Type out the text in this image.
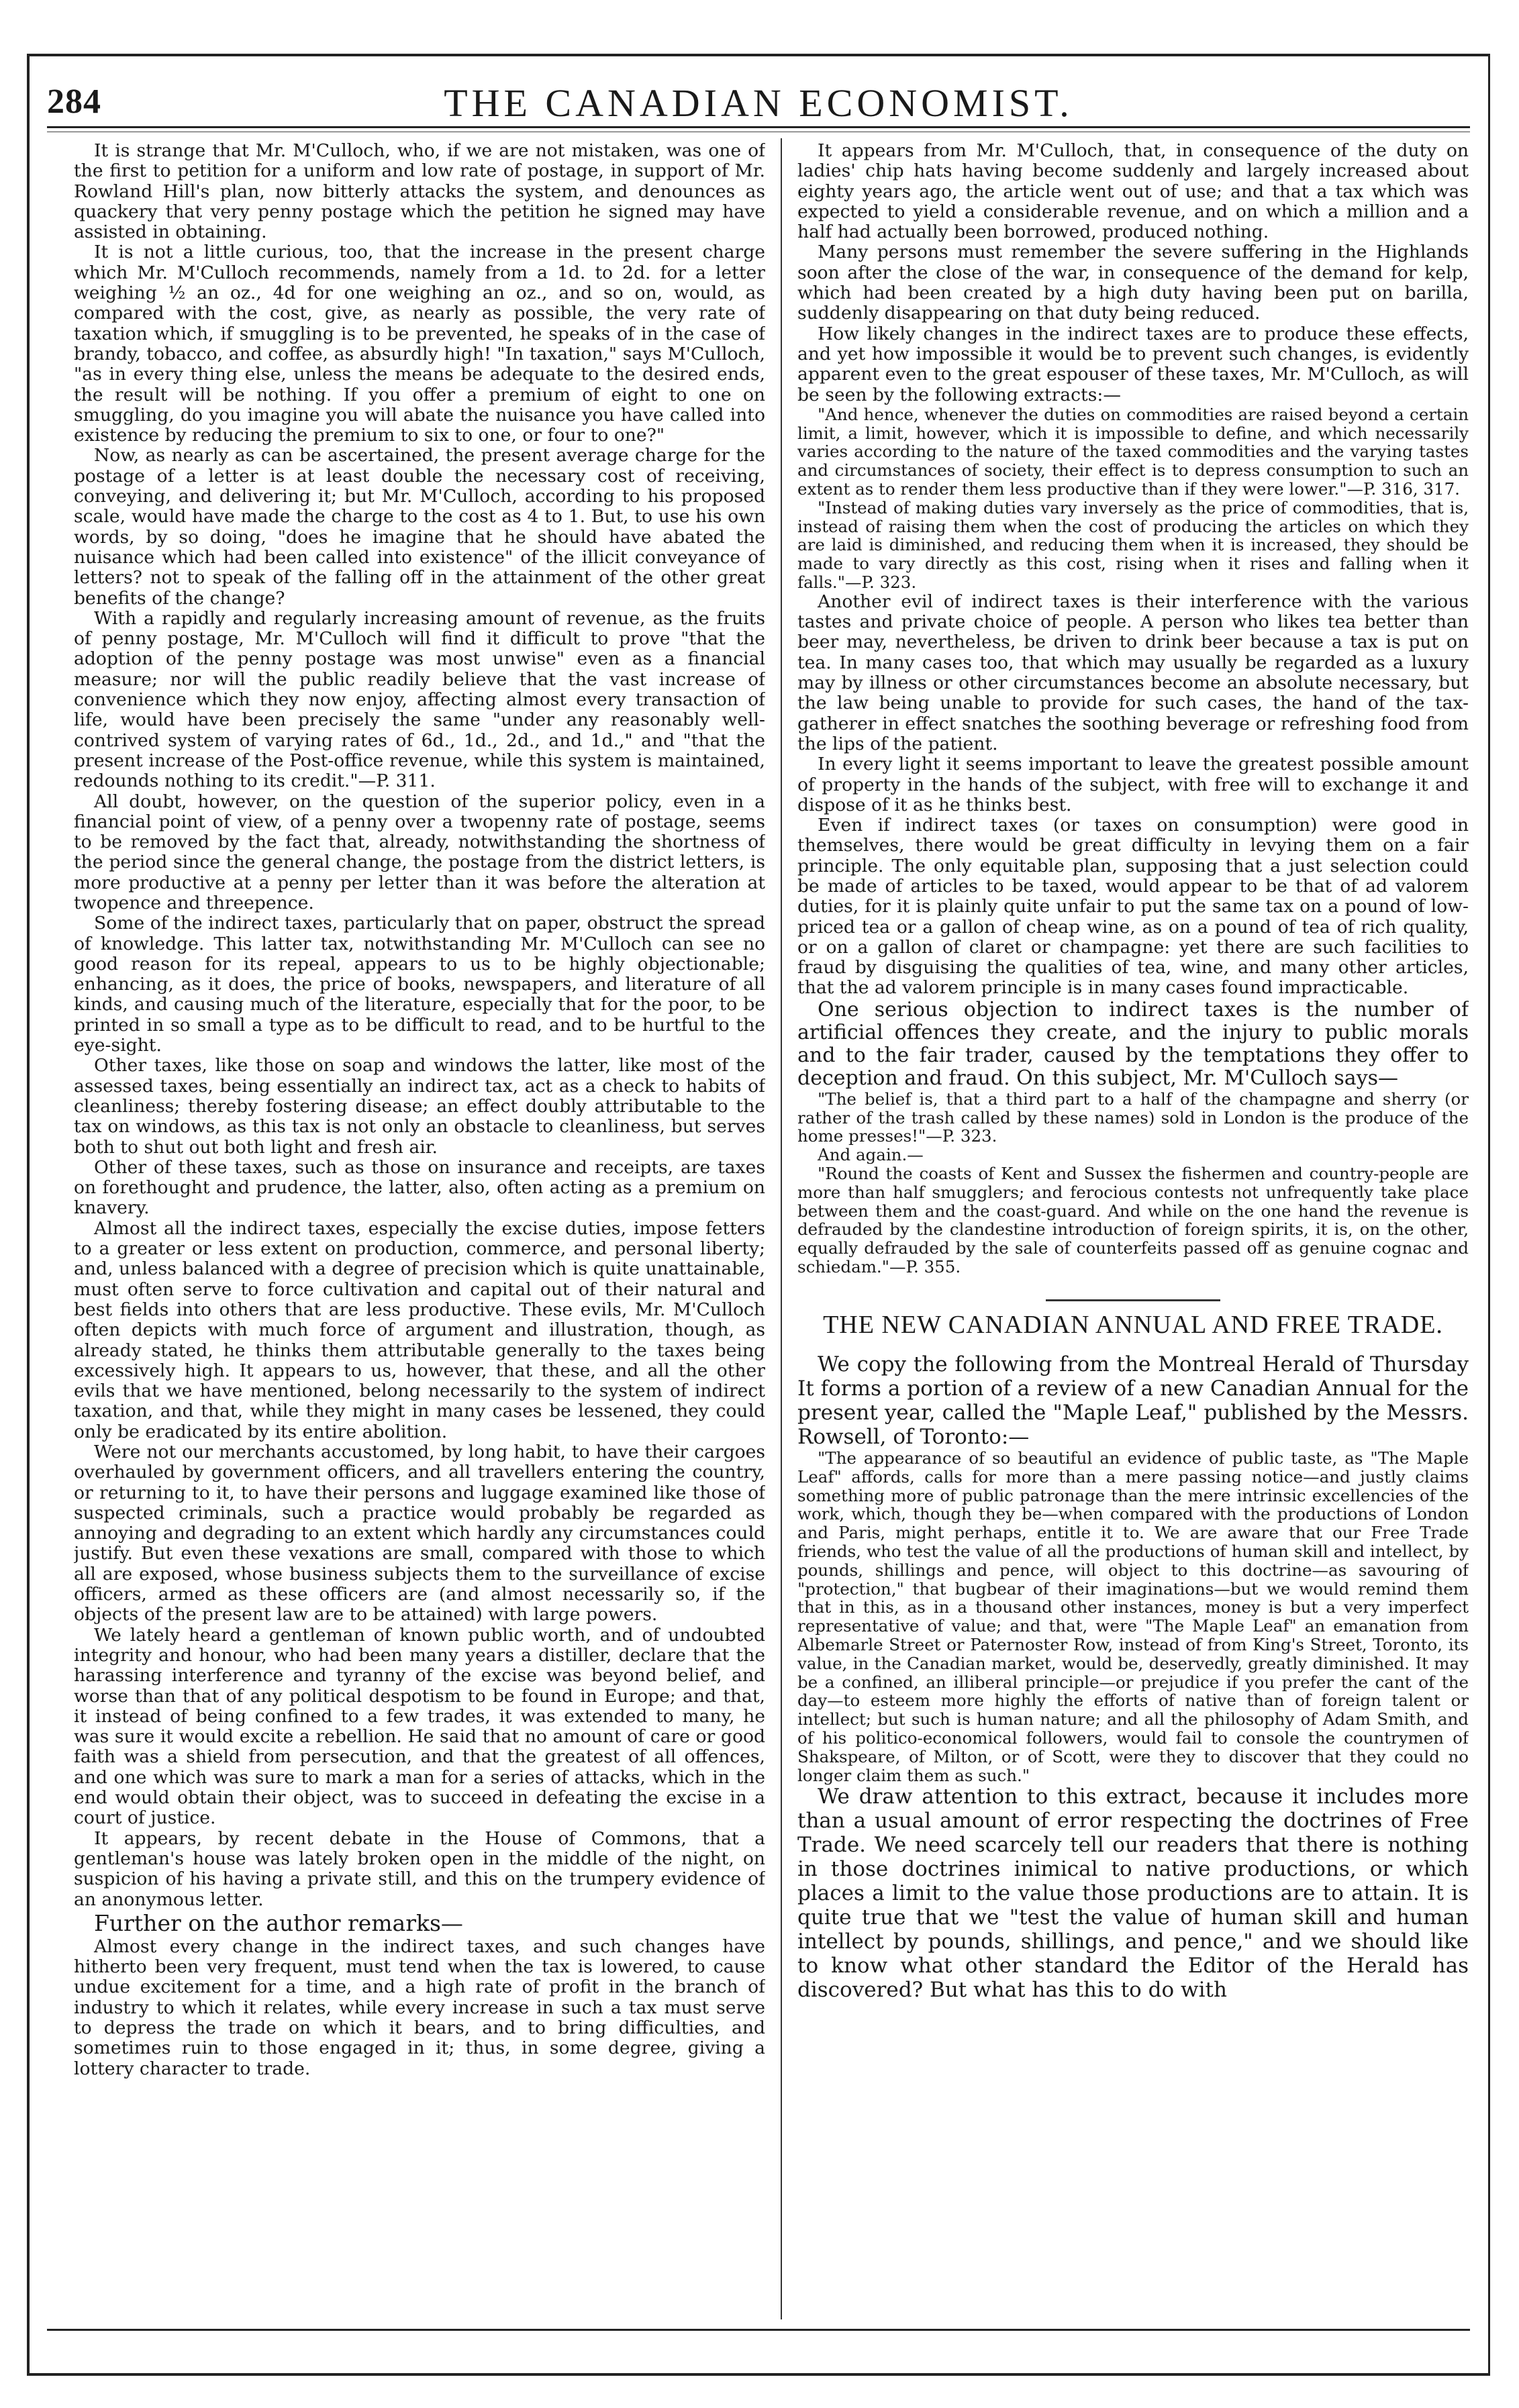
284	THE CANADIAN ECONOMIST.

It is strange that Mr. M'Culloch, who, if we are not mistaken, was one of the first to petition for a uniform and low rate of postage, in support of Mr. Rowland Hill's plan, now bitterly attacks the system, and denounces as quackery that very penny postage which the petition he signed may have assisted in obtaining.

It is not a little curious, too, that the increase in the present charge which Mr. M'Culloch recommends, namely from a 1d. to 2d. for a letter weighing ½ an oz., 4d for one weighing an oz., and so on, would, as compared with the cost, give, as nearly as possible, the very rate of taxation which, if smuggling is to be prevented, he speaks of in the case of brandy, tobacco, and coffee, as absurdly high! "In taxation," says M'Culloch, "as in every thing else, unless the means be adequate to the desired ends, the result will be nothing. If you offer a premium of eight to one on smuggling, do you imagine you will abate the nuisance you have called into existence by reducing the premium to six to one, or four to one?"

Now, as nearly as can be ascertained, the present average charge for the postage of a letter is at least double the necessary cost of receiving, conveying, and delivering it; but Mr. M'Culloch, according to his proposed scale, would have made the charge to the cost as 4 to 1. But, to use his own words, by so doing, "does he imagine that he should have abated the nuisance which had been called into existence" of the illicit conveyance of letters? not to speak of the falling off in the attainment of the other great benefits of the change?

With a rapidly and regularly increasing amount of revenue, as the fruits of penny postage, Mr. M'Culloch will find it difficult to prove "that the adoption of the penny postage was most unwise" even as a financial measure; nor will the public readily believe that the vast increase of convenience which they now enjoy, affecting almost every transaction of life, would have been precisely the same "under any reasonably well-contrived system of varying rates of 6d., 1d., 2d., and 1d.," and "that the present increase of the Post-office revenue, while this system is maintained, redounds nothing to its credit."—P. 311.

All doubt, however, on the question of the superior policy, even in a financial point of view, of a penny over a twopenny rate of postage, seems to be removed by the fact that, already, notwithstanding the shortness of the period since the general change, the postage from the district letters, is more productive at a penny per letter than it was before the alteration at twopence and threepence.

Some of the indirect taxes, particularly that on paper, obstruct the spread of knowledge. This latter tax, notwithstanding Mr. M'Culloch can see no good reason for its repeal, appears to us to be highly objectionable; enhancing, as it does, the price of books, newspapers, and literature of all kinds, and causing much of the literature, especially that for the poor, to be printed in so small a type as to be difficult to read, and to be hurtful to the eye-sight.

Other taxes, like those on soap and windows the latter, like most of the assessed taxes, being essentially an indirect tax, act as a check to habits of cleanliness; thereby fostering disease; an effect doubly attributable to the tax on windows, as this tax is not only an obstacle to cleanliness, but serves both to shut out both light and fresh air.

Other of these taxes, such as those on insurance and receipts, are taxes on forethought and prudence, the latter, also, often acting as a premium on knavery.

Almost all the indirect taxes, especially the excise duties, impose fetters to a greater or less extent on production, commerce, and personal liberty; and, unless balanced with a degree of precision which is quite unattainable, must often serve to force cultivation and capital out of their natural and best fields into others that are less productive. These evils, Mr. M'Culloch often depicts with much force of argument and illustration, though, as already stated, he thinks them attributable generally to the taxes being excessively high. It appears to us, however, that these, and all the other evils that we have mentioned, belong necessarily to the system of indirect taxation, and that, while they might in many cases be lessened, they could only be eradicated by its entire abolition.

Were not our merchants accustomed, by long habit, to have their cargoes overhauled by government officers, and all travellers entering the country, or returning to it, to have their persons and luggage examined like those of suspected criminals, such a practice would probably be regarded as annoying and degrading to an extent which hardly any circumstances could justify. But even these vexations are small, compared with those to which all are exposed, whose business subjects them to the surveillance of excise officers, armed as these officers are (and almost necessarily so, if the objects of the present law are to be attained) with large powers.

We lately heard a gentleman of known public worth, and of undoubted integrity and honour, who had been many years a distiller, declare that the harassing interference and tyranny of the excise was beyond belief, and worse than that of any political despotism to be found in Europe; and that, it instead of being confined to a few trades, it was extended to many, he was sure it would excite a rebellion. He said that no amount of care or good faith was a shield from persecution, and that the greatest of all offences, and one which was sure to mark a man for a series of attacks, which in the end would obtain their object, was to succeed in defeating the excise in a court of justice.

It appears, by recent debate in the House of Commons, that a gentleman's house was lately broken open in the middle of the night, on suspicion of his having a private still, and this on the trumpery evidence of an anonymous letter.

Further on the author remarks—

Almost every change in the indirect taxes, and such changes have hitherto been very frequent, must tend when the tax is lowered, to cause undue excitement for a time, and a high rate of profit in the branch of industry to which it relates, while every increase in such a tax must serve to depress the trade on which it bears, and to bring difficulties, and sometimes ruin to those engaged in it; thus, in some degree, giving a lottery character to trade.

It appears from Mr. M'Culloch, that, in consequence of the duty on ladies' chip hats having become suddenly and largely increased about eighty years ago, the article went out of use; and that a tax which was expected to yield a considerable revenue, and on which a million and a half had actually been borrowed, produced nothing.

Many persons must remember the severe suffering in the Highlands soon after the close of the war, in consequence of the demand for kelp, which had been created by a high duty having been put on barilla, suddenly disappearing on that duty being reduced.

How likely changes in the indirect taxes are to produce these effects, and yet how impossible it would be to prevent such changes, is evidently apparent even to the great espouser of these taxes, Mr. M'Culloch, as will be seen by the following extracts:—

"And hence, whenever the duties on commodities are raised beyond a certain limit, a limit, however, which it is impossible to define, and which necessarily varies according to the nature of the taxed commodities and the varying tastes and circumstances of society, their effect is to depress consumption to such an extent as to render them less productive than if they were lower."—P. 316, 317.

"Instead of making duties vary inversely as the price of commodities, that is, instead of raising them when the cost of producing the articles on which they are laid is diminished, and reducing them when it is increased, they should be made to vary directly as this cost, rising when it rises and falling when it falls."—P. 323.

Another evil of indirect taxes is their interference with the various tastes and private choice of people. A person who likes tea better than beer may, nevertheless, be driven to drink beer because a tax is put on tea. In many cases too, that which may usually be regarded as a luxury may by illness or other circumstances become an absolute necessary, but the law being unable to provide for such cases, the hand of the tax-gatherer in effect snatches the soothing beverage or refreshing food from the lips of the patient.

In every light it seems important to leave the greatest possible amount of property in the hands of the subject, with free will to exchange it and dispose of it as he thinks best.

Even if indirect taxes (or taxes on consumption) were good in themselves, there would be great difficulty in levying them on a fair principle. The only equitable plan, supposing that a just selection could be made of articles to be taxed, would appear to be that of ad valorem duties, for it is plainly quite unfair to put the same tax on a pound of low-priced tea or a gallon of cheap wine, as on a pound of tea of rich quality, or on a gallon of claret or champagne: yet there are such facilities to fraud by disguising the qualities of tea, wine, and many other articles, that the ad valorem principle is in many cases found impracticable.

One serious objection to indirect taxes is the number of artificial offences they create, and the injury to public morals and to the fair trader, caused by the temptations they offer to deception and fraud. On this subject, Mr. M'Culloch says—

"The belief is, that a third part to a half of the champagne and sherry (or rather of the trash called by these names) sold in London is the produce of the home presses!"—P. 323.

And again.—

"Round the coasts of Kent and Sussex the fishermen and country-people are more than half smugglers; and ferocious contests not unfrequently take place between them and the coast-guard. And while on the one hand the revenue is defrauded by the clandestine introduction of foreign spirits, it is, on the other, equally defrauded by the sale of counterfeits passed off as genuine cognac and schiedam."—P. 355.

THE NEW CANADIAN ANNUAL AND FREE TRADE.

We copy the following from the Montreal Herald of Thursday It forms a portion of a review of a new Canadian Annual for the present year, called the "Maple Leaf," published by the Messrs. Rowsell, of Toronto:—

"The appearance of so beautiful an evidence of public taste, as "The Maple Leaf" affords, calls for more than a mere passing notice—and justly claims something more of public patronage than the mere intrinsic excellencies of the work, which, though they be—when compared with the productions of London and Paris, might perhaps, entitle it to. We are aware that our Free Trade friends, who test the value of all the productions of human skill and intellect, by pounds, shillings and pence, will object to this doctrine—as savouring of "protection," that bugbear of their imaginations—but we would remind them that in this, as in a thousand other instances, money is but a very imperfect representative of value; and that, were "The Maple Leaf" an emanation from Albemarle Street or Paternoster Row, instead of from King's Street, Toronto, its value, in the Canadian market, would be, deservedly, greatly diminished. It may be a confined, an illiberal principle—or prejudice if you prefer the cant of the day—to esteem more highly the efforts of native than of foreign talent or intellect; but such is human nature; and all the philosophy of Adam Smith, and of his politico-economical followers, would fail to console the countrymen of Shakspeare, of Milton, or of Scott, were they to discover that they could no longer claim them as such."

We draw attention to this extract, because it includes more than a usual amount of error respecting the doctrines of Free Trade. We need scarcely tell our readers that there is nothing in those doctrines inimical to native productions, or which places a limit to the value those productions are to attain. It is quite true that we "test the value of human skill and human intellect by pounds, shillings, and pence," and we should like to know what other standard the Editor of the Herald has discovered? But what has this to do with
